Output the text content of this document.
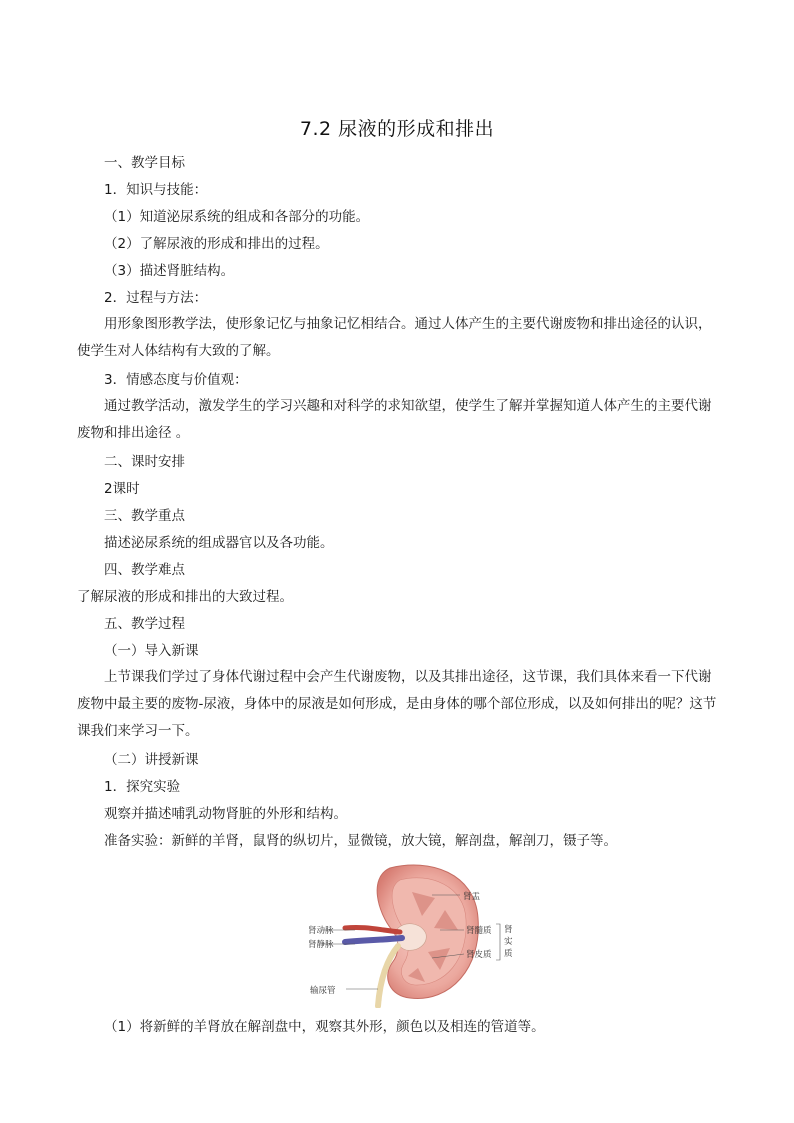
7.2 尿液的形成和排出
一、教学目标
1．知识与技能：
（1）知道泌尿系统的组成和各部分的功能。
（2）了解尿液的形成和排出的过程。
（3）描述肾脏结构。
2．过程与方法：
用形象图形教学法，使形象记忆与抽象记忆相结合。通过人体产生的主要代谢废物和排出途径的认识，使学生对人体结构有大致的了解。
3．情感态度与价值观：
通过教学活动，激发学生的学习兴趣和对科学的求知欲望，使学生了解并掌握知道人体产生的主要代谢废物和排出途径 。
二、课时安排
2课时
三、教学重点
描述泌尿系统的组成器官以及各功能。
四、教学难点
了解尿液的形成和排出的大致过程。
五、教学过程
（一）导入新课
上节课我们学过了身体代谢过程中会产生代谢废物，以及其排出途径，这节课，我们具体来看一下代谢废物中最主要的废物-尿液，身体中的尿液是如何形成，是由身体的哪个部位形成，以及如何排出的呢？这节课我们来学习一下。
（二）讲授新课
1．探究实验
观察并描述哺乳动物肾脏的外形和结构。
准备实验：新鲜的羊肾，鼠肾的纵切片，显微镜，放大镜，解剖盘，解剖刀，镊子等。
肾盂
肾动脉
肾静脉
肾髓质
肾皮质
肾实质
输尿管
（1）将新鲜的羊肾放在解剖盘中，观察其外形，颜色以及相连的管道等。
